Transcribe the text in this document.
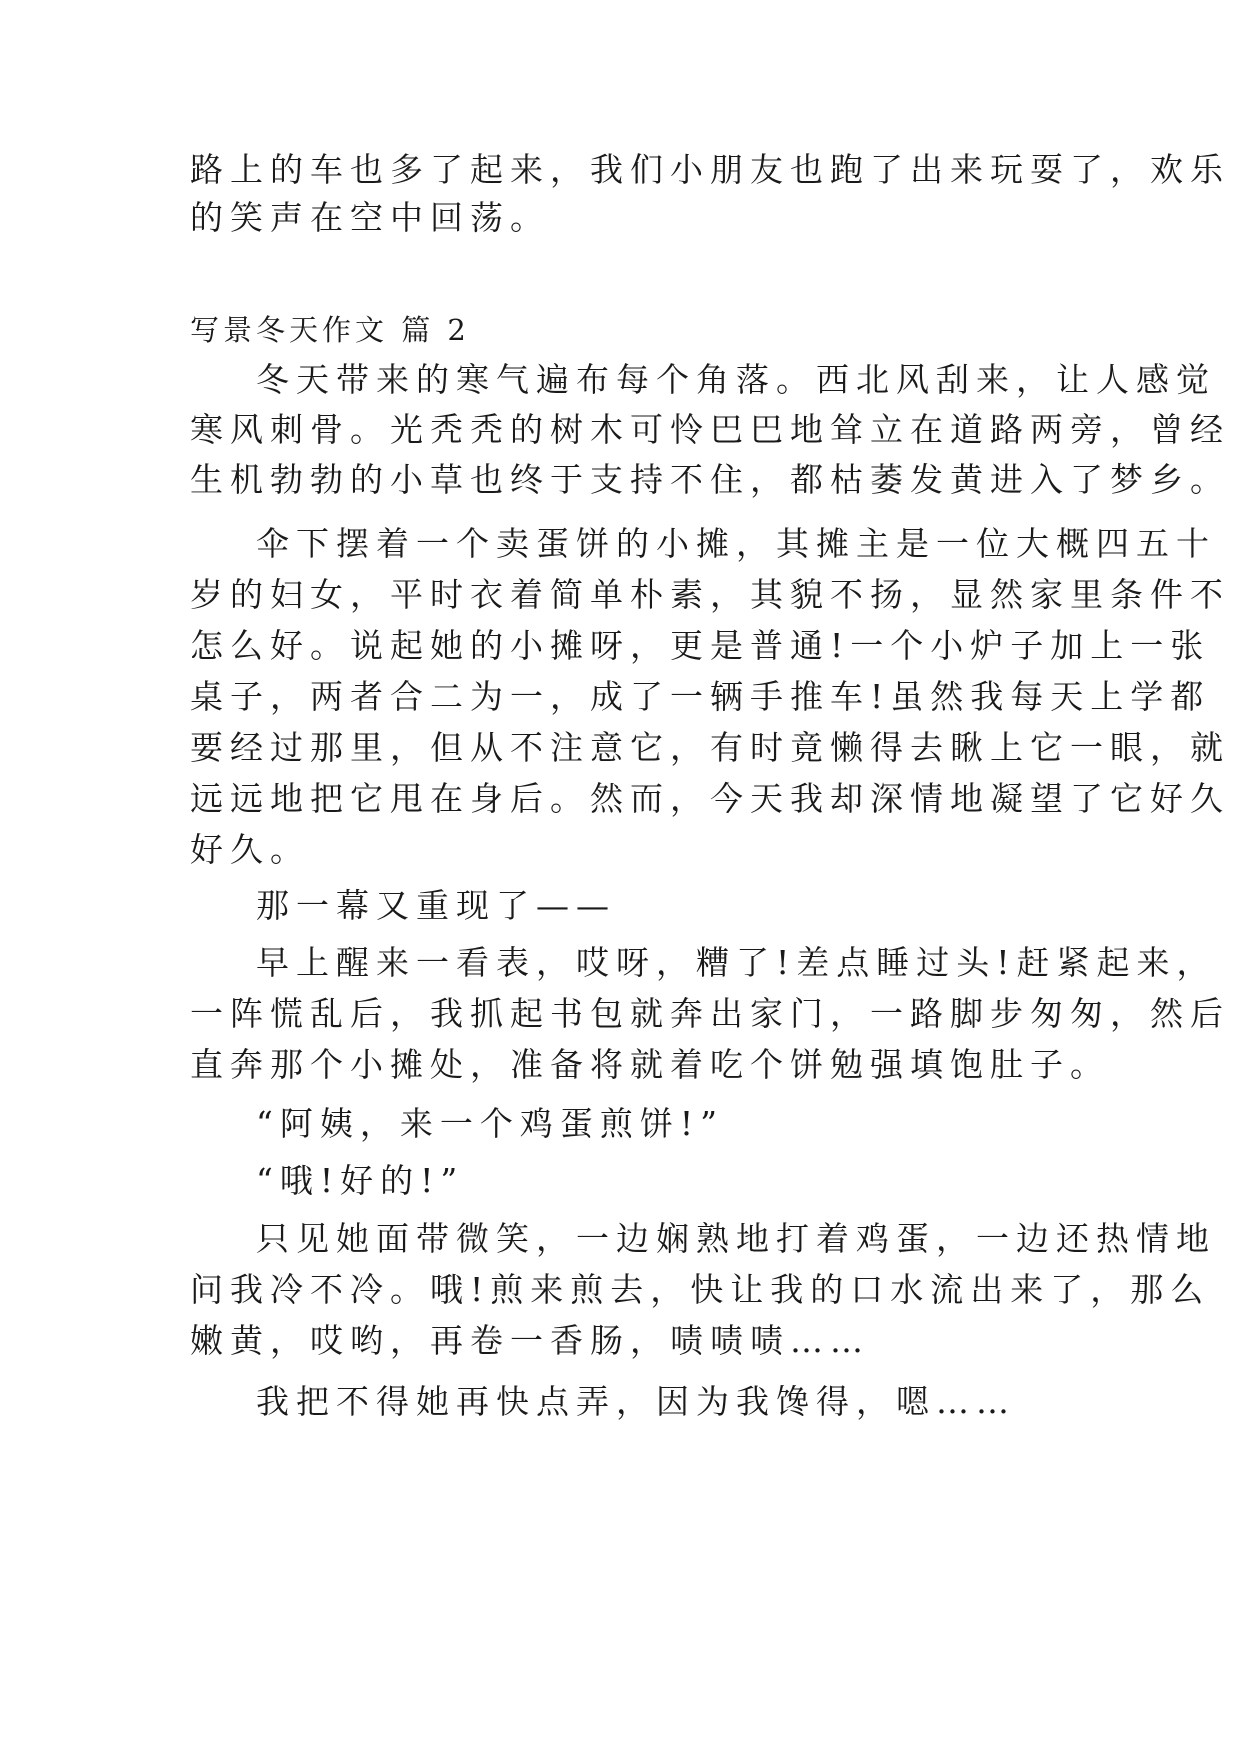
路上的车也多了起来，我们小朋友也跑了出来玩耍了，欢乐
的笑声在空中回荡。
写景冬天作文 篇 2
冬天带来的寒气遍布每个角落。西北风刮来，让人感觉
寒风刺骨。光秃秃的树木可怜巴巴地耸立在道路两旁，曾经
生机勃勃的小草也终于支持不住，都枯萎发黄进入了梦乡。
伞下摆着一个卖蛋饼的小摊，其摊主是一位大概四五十
岁的妇女，平时衣着简单朴素，其貌不扬，显然家里条件不
怎么好。说起她的小摊呀，更是普通!一个小炉子加上一张
桌子，两者合二为一，成了一辆手推车!虽然我每天上学都
要经过那里，但从不注意它，有时竟懒得去瞅上它一眼，就
远远地把它甩在身后。然而，今天我却深情地凝望了它好久
好久。
那一幕又重现了——
早上醒来一看表，哎呀，糟了!差点睡过头!赶紧起来，
一阵慌乱后，我抓起书包就奔出家门，一路脚步匆匆，然后
直奔那个小摊处，准备将就着吃个饼勉强填饱肚子。
“阿姨，来一个鸡蛋煎饼!”
“哦!好的!”
只见她面带微笑，一边娴熟地打着鸡蛋，一边还热情地
问我冷不冷。哦!煎来煎去，快让我的口水流出来了，那么
嫩黄，哎哟，再卷一香肠，啧啧啧……
我把不得她再快点弄，因为我馋得，嗯……
